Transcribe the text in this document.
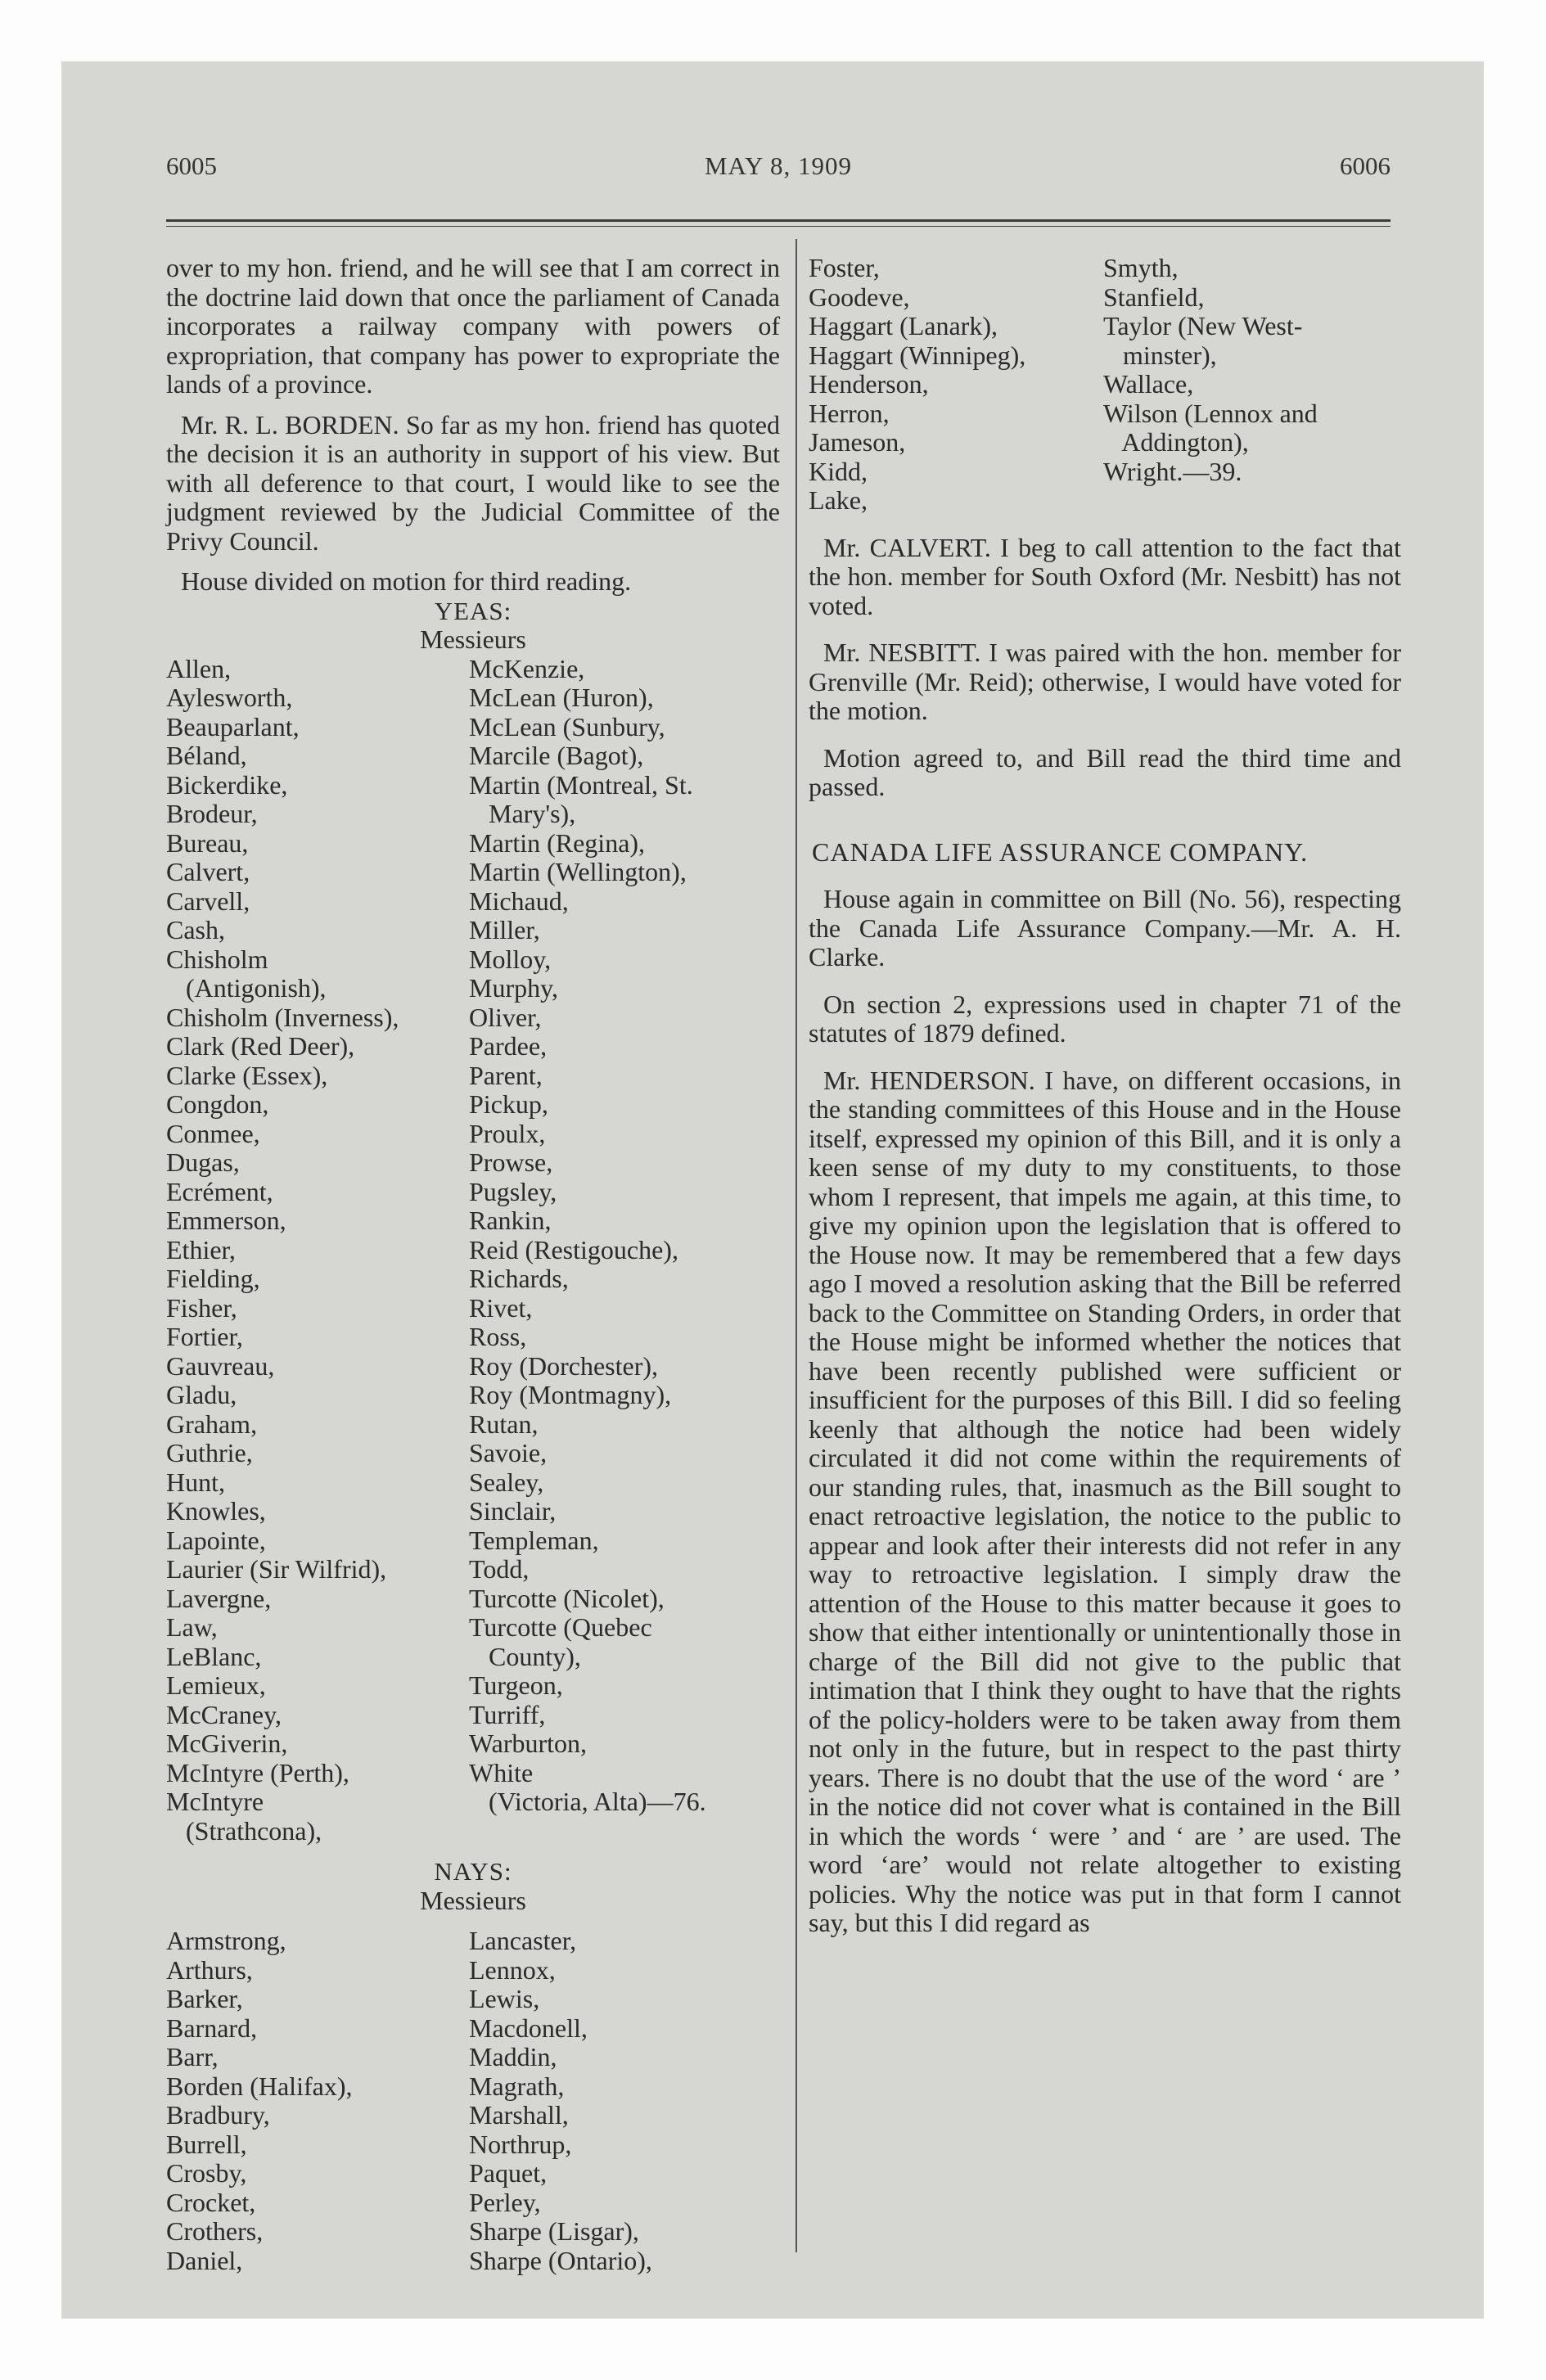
6005	MAY 8, 1909	6006

over to my hon. friend, and he will see that I am correct in the doctrine laid down that once the parliament of Canada incorporates a railway company with powers of expropriation, that company has power to expropriate the lands of a province.

Mr. R. L. BORDEN. So far as my hon. friend has quoted the decision it is an authority in support of his view. But with all deference to that court, I would like to see the judgment reviewed by the Judicial Committee of the Privy Council.

House divided on motion for third reading.

YEAS:
Messieurs
Allen,
Aylesworth,
Beauparlant,
Béland,
Bickerdike,
Brodeur,
Bureau,
Calvert,
Carvell,
Cash,
Chisholm
(Antigonish),
Chisholm (Inverness),
Clark (Red Deer),
Clarke (Essex),
Congdon,
Conmee,
Dugas,
Ecrément,
Emmerson,
Ethier,
Fielding,
Fisher,
Fortier,
Gauvreau,
Gladu,
Graham,
Guthrie,
Hunt,
Knowles,
Lapointe,
Laurier (Sir Wilfrid),
Lavergne,
Law,
LeBlanc,
Lemieux,
McCraney,
McGiverin,
McIntyre (Perth),
McIntyre
(Strathcona),
McKenzie,
McLean (Huron),
McLean (Sunbury,
Marcile (Bagot),
Martin (Montreal, St.
Mary's),
Martin (Regina),
Martin (Wellington),
Michaud,
Miller,
Molloy,
Murphy,
Oliver,
Pardee,
Parent,
Pickup,
Proulx,
Prowse,
Pugsley,
Rankin,
Reid (Restigouche),
Richards,
Rivet,
Ross,
Roy (Dorchester),
Roy (Montmagny),
Rutan,
Savoie,
Sealey,
Sinclair,
Templeman,
Todd,
Turcotte (Nicolet),
Turcotte (Quebec
County),
Turgeon,
Turriff,
Warburton,
White
(Victoria, Alta)—76.
NAYS:
Messieurs
Armstrong,
Arthurs,
Barker,
Barnard,
Barr,
Borden (Halifax),
Bradbury,
Burrell,
Crosby,
Crocket,
Crothers,
Daniel,
Lancaster,
Lennox,
Lewis,
Macdonell,
Maddin,
Magrath,
Marshall,
Northrup,
Paquet,
Perley,
Sharpe (Lisgar),
Sharpe (Ontario),
Foster,
Goodeve,
Haggart (Lanark),
Haggart (Winnipeg),
Henderson,
Herron,
Jameson,
Kidd,
Lake,
Smyth,
Stanfield,
Taylor (New West-
minster),
Wallace,
Wilson (Lennox and
Addington),
Wright.—39.

Mr. CALVERT. I beg to call attention to the fact that the hon. member for South Oxford (Mr. Nesbitt) has not voted.

Mr. NESBITT. I was paired with the hon. member for Grenville (Mr. Reid); otherwise, I would have voted for the motion.

Motion agreed to, and Bill read the third time and passed.

CANADA LIFE ASSURANCE COMPANY.

House again in committee on Bill (No. 56), respecting the Canada Life Assurance Company.—Mr. A. H. Clarke.

On section 2, expressions used in chapter 71 of the statutes of 1879 defined.

Mr. HENDERSON. I have, on different occasions, in the standing committees of this House and in the House itself, expressed my opinion of this Bill, and it is only a keen sense of my duty to my constituents, to those whom I represent, that impels me again, at this time, to give my opinion upon the legislation that is offered to the House now. It may be remembered that a few days ago I moved a resolution asking that the Bill be referred back to the Committee on Standing Orders, in order that the House might be informed whether the notices that have been recently published were sufficient or insufficient for the purposes of this Bill. I did so feeling keenly that although the notice had been widely circulated it did not come within the requirements of our standing rules, that, inasmuch as the Bill sought to enact retroactive legislation, the notice to the public to appear and look after their interests did not refer in any way to retroactive legislation. I simply draw the attention of the House to this matter because it goes to show that either intentionally or unintentionally those in charge of the Bill did not give to the public that intimation that I think they ought to have that the rights of the policy-holders were to be taken away from them not only in the future, but in respect to the past thirty years. There is no doubt that the use of the word ‘ are ’ in the notice did not cover what is contained in the Bill in which the words ‘ were ’ and ‘ are ’ are used. The word ‘are’ would not relate altogether to existing policies. Why the notice was put in that form I cannot say, but this I did regard as
